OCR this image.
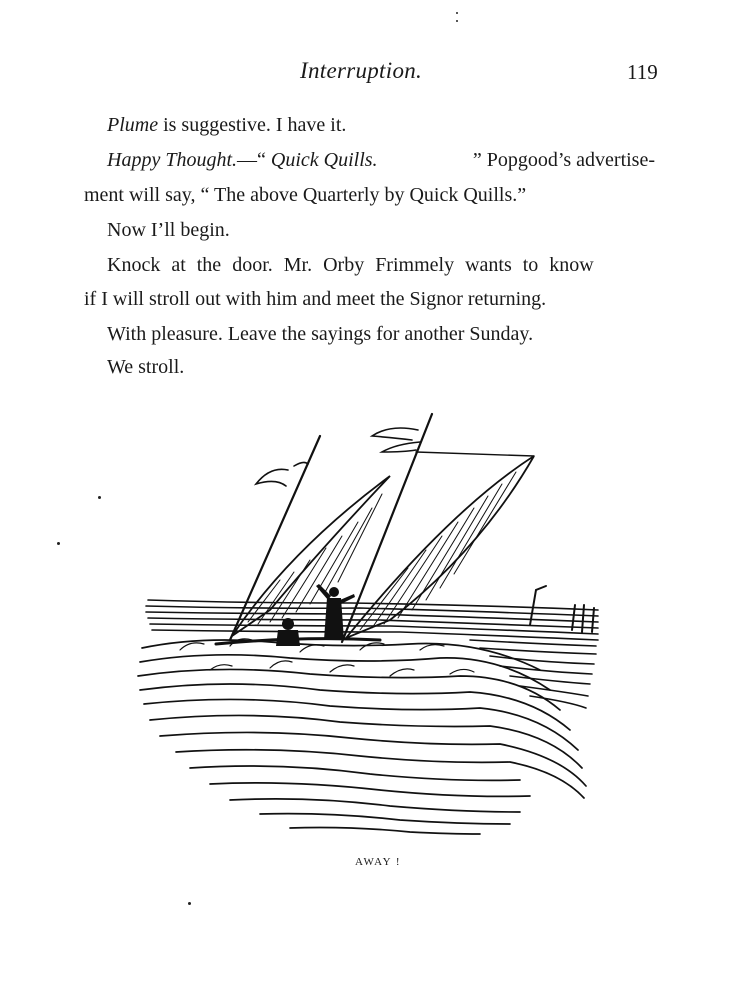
Interruption.	119
Plume is suggestive. I have it.
Happy Thought.—“ Quick Quills.	” Popgood’s advertise-
ment will say, “ The above Quarterly by Quick Quills.”
Now I’ll begin.
Knock at the door. Mr. Orby Frimmely wants to know
if I will stroll out with him and meet the Signor returning.
With pleasure. Leave the sayings for another Sunday.
We stroll.
AWAY !
